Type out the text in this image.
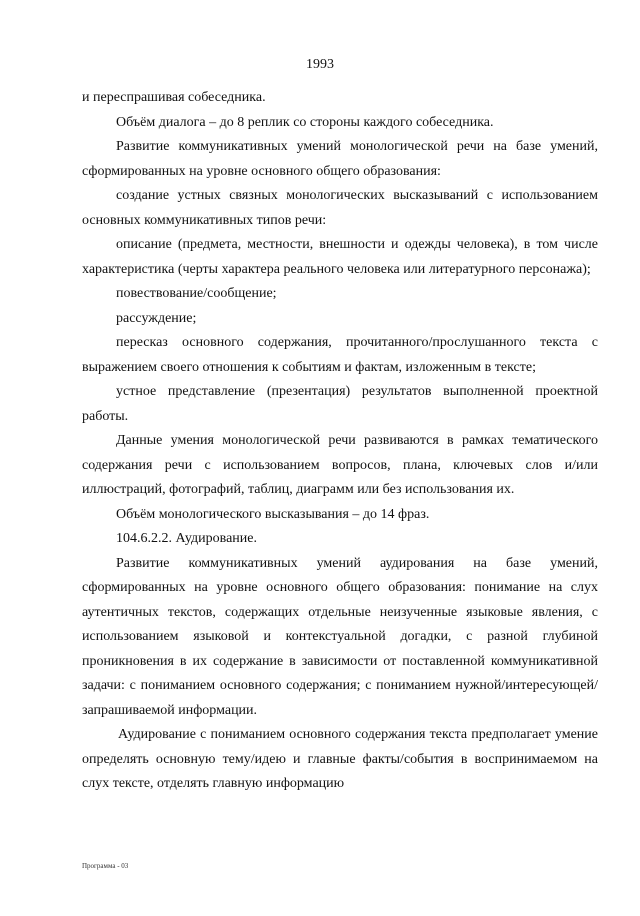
1993

и переспрашивая собеседника.

Объём диалога – до 8 реплик со стороны каждого собеседника.

Развитие коммуникативных умений монологической речи на базе умений, сформированных на уровне основного общего образования:

создание устных связных монологических высказываний с использованием основных коммуникативных типов речи:

описание (предмета, местности, внешности и одежды человека), в том числе характеристика (черты характера реального человека или литературного персонажа);

повествование/сообщение;

рассуждение;

пересказ основного содержания, прочитанного/прослушанного текста с выражением своего отношения к событиям и фактам, изложенным в тексте;

устное представление (презентация) результатов выполненной проектной работы.

Данные умения монологической речи развиваются в рамках тематического содержания речи с использованием вопросов, плана, ключевых слов и/или иллюстраций, фотографий, таблиц, диаграмм или без использования их.

Объём монологического высказывания – до 14 фраз.

104.6.2.2. Аудирование.

Развитие коммуникативных умений аудирования на базе умений, сформированных на уровне основного общего образования: понимание на слух аутентичных текстов, содержащих отдельные неизученные языковые явления, с использованием языковой и контекстуальной догадки, с разной глубиной проникновения в их содержание в зависимости от поставленной коммуникативной задачи: с пониманием основного содержания; с пониманием нужной/интересующей/запрашиваемой информации.

Аудирование с пониманием основного содержания текста предполагает умение определять основную тему/идею и главные факты/события в воспринимаемом на слух тексте, отделять главную информацию

Программа - 03
